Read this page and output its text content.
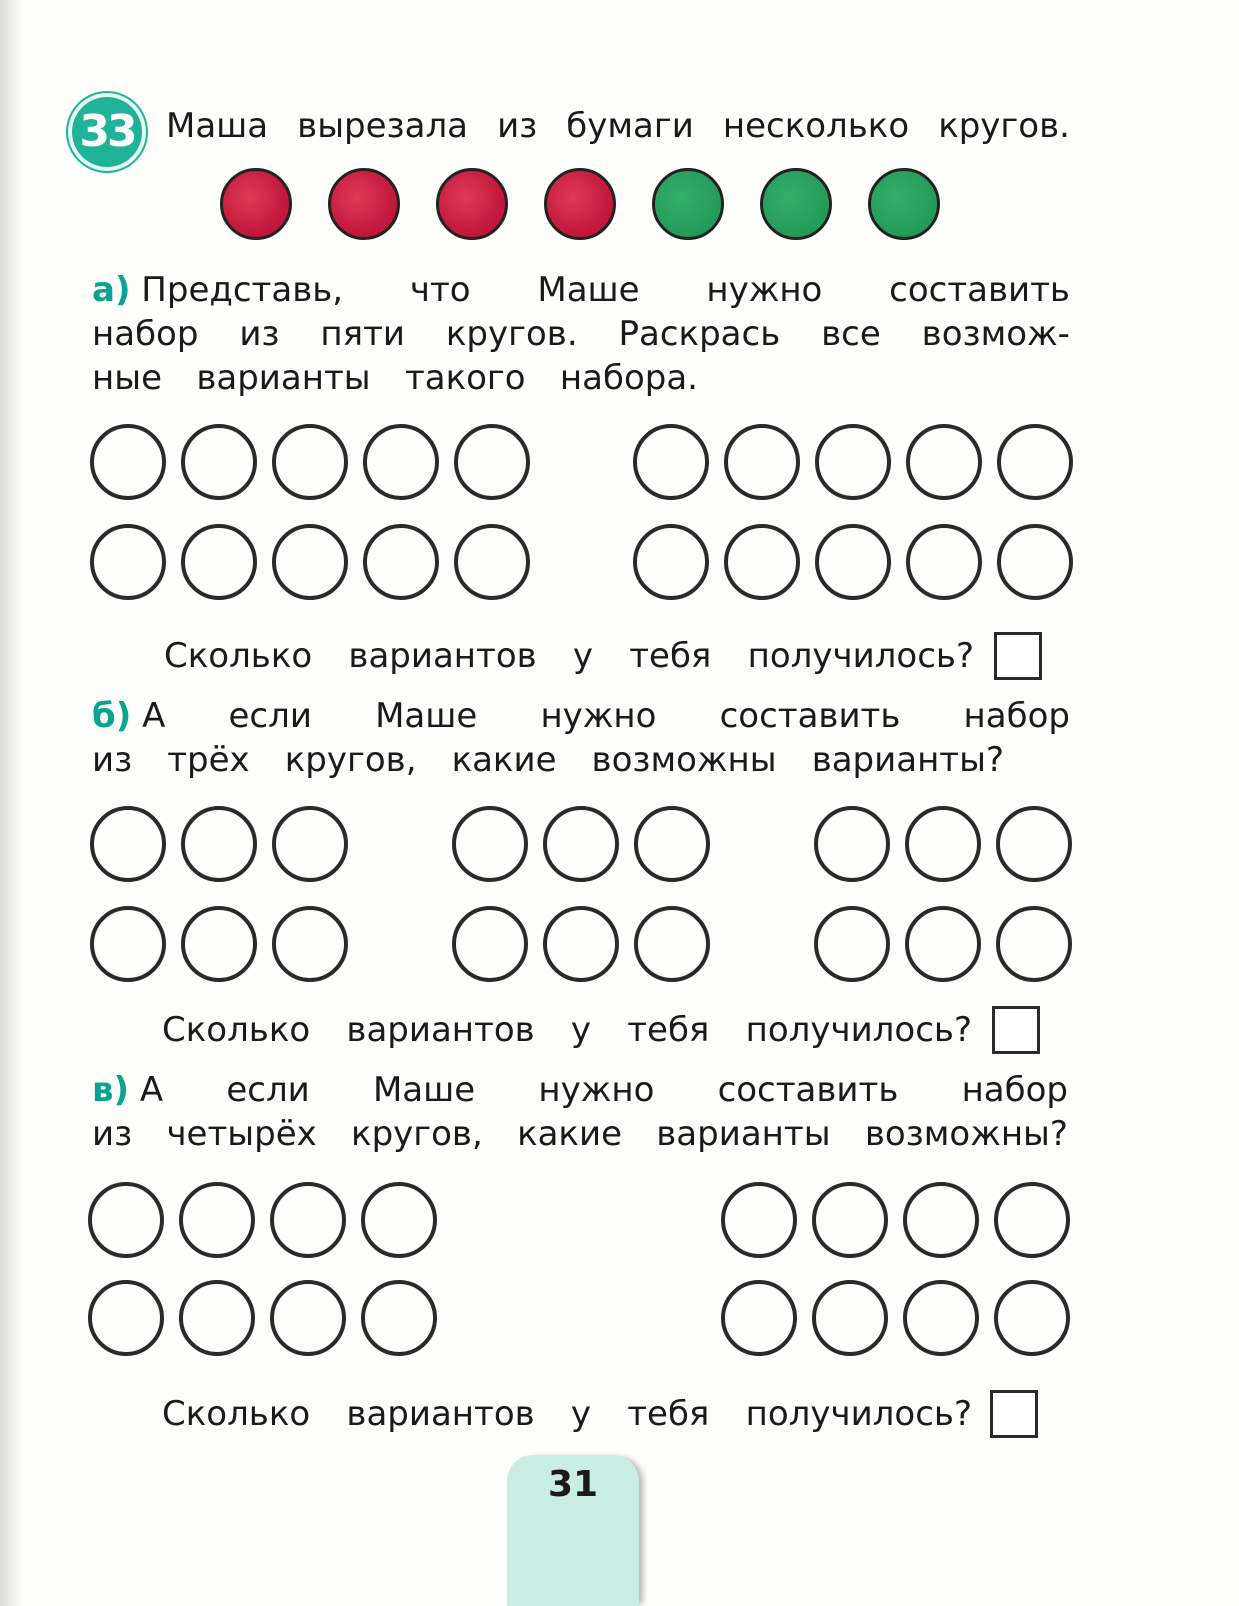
33 Маша вырезала из бумаги несколько кругов.
а) Представь, что Маше нужно составить
набор из пяти кругов. Раскрась все возмож-
ные варианты такого набора.
Сколько вариантов у тебя получилось?
б) А если Маше нужно составить набор
из трёх кругов, какие возможны варианты?
Сколько вариантов у тебя получилось?
в) А если Маше нужно составить набор
из четырёх кругов, какие варианты возможны?
Сколько вариантов у тебя получилось?
31
